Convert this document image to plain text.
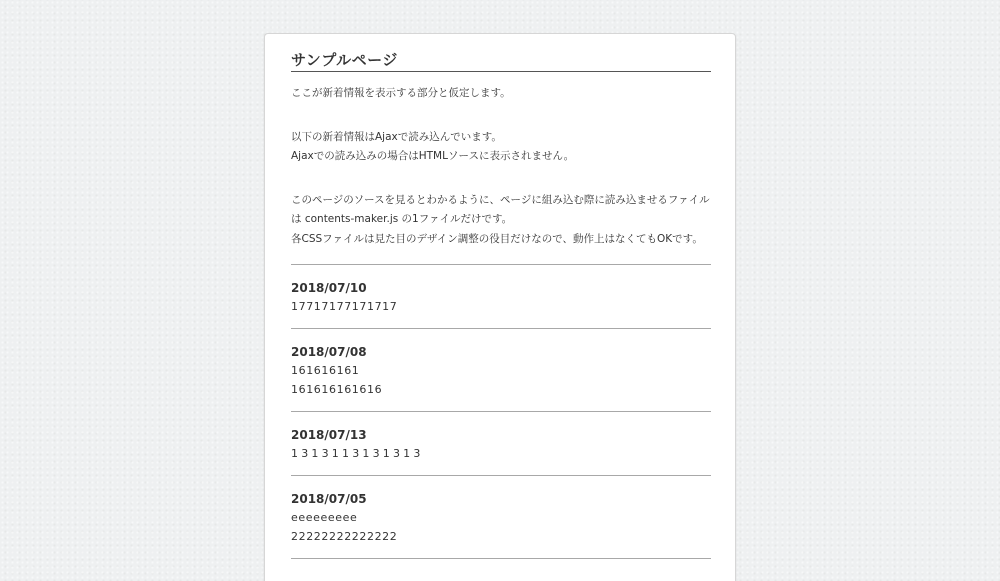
サンプルページ

ここが新着情報を表示する部分と仮定します。

以下の新着情報はAjaxで読み込んでいます。
Ajaxでの読み込みの場合はHTMLソースに表示されません。

このページのソースを見るとわかるように、ページに組み込む際に読み込ませるファイル
は contents-maker.js の1ファイルだけです。
各CSSファイルは見た目のデザイン調整の役目だけなので、動作上はなくてもOKです。

2018/07/10
17717177171717
2018/07/08
161616161
161616161616
2018/07/13
1313113131313
2018/07/05
eeeeeeeee
22222222222222
